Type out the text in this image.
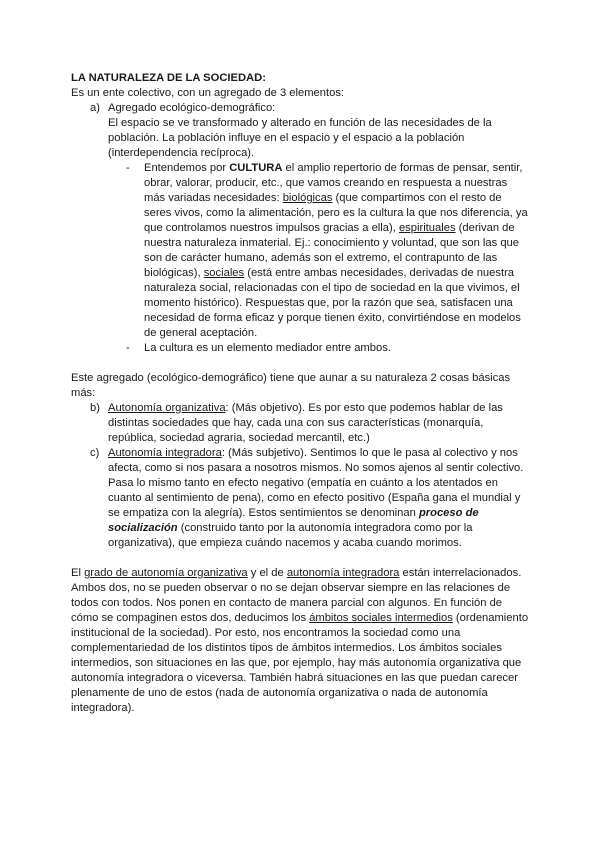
LA NATURALEZA DE LA SOCIEDAD:
Es un ente colectivo, con un agregado de 3 elementos:
a) Agregado ecológico-demográfico:
El espacio se ve transformado y alterado en función de las necesidades de la
población. La población influye en el espacio y el espacio a la población
(interdependencia recíproca).
- Entendemos por CULTURA el amplio repertorio de formas de pensar, sentir,
obrar, valorar, producir, etc., que vamos creando en respuesta a nuestras
más variadas necesidades: biológicas (que compartimos con el resto de
seres vivos, como la alimentación, pero es la cultura la que nos diferencia, ya
que controlamos nuestros impulsos gracias a ella), espirituales (derivan de
nuestra naturaleza inmaterial. Ej.: conocimiento y voluntad, que son las que
son de carácter humano, además son el extremo, el contrapunto de las
biológicas), sociales (está entre ambas necesidades, derivadas de nuestra
naturaleza social, relacionadas con el tipo de sociedad en la que vivimos, el
momento histórico). Respuestas que, por la razón que sea, satisfacen una
necesidad de forma eficaz y porque tienen éxito, convirtiéndose en modelos
de general aceptación.
- La cultura es un elemento mediador entre ambos.
Este agregado (ecológico-demográfico) tiene que aunar a su naturaleza 2 cosas básicas
más:
b) Autonomía organizativa: (Más objetivo). Es por esto que podemos hablar de las
distintas sociedades que hay, cada una con sus características (monarquía,
república, sociedad agraria, sociedad mercantil, etc.)
c) Autonomía integradora: (Más subjetivo). Sentimos lo que le pasa al colectivo y nos
afecta, como si nos pasara a nosotros mismos. No somos ajenos al sentir colectivo.
Pasa lo mismo tanto en efecto negativo (empatía en cuánto a los atentados en
cuanto al sentimiento de pena), como en efecto positivo (España gana el mundial y
se empatiza con la alegría). Estos sentimientos se denominan proceso de
socialización (construido tanto por la autonomía integradora como por la
organizativa), que empieza cuándo nacemos y acaba cuando morimos.
El grado de autonomía organizativa y el de autonomía integradora están interrelacionados.
Ambos dos, no se pueden observar o no se dejan observar siempre en las relaciones de
todos con todos. Nos ponen en contacto de manera parcial con algunos. En función de
cómo se compaginen estos dos, deducimos los ámbitos sociales intermedios (ordenamiento
institucional de la sociedad). Por esto, nos encontramos la sociedad como una
complementariedad de los distintos tipos de ámbitos intermedios. Los ámbitos sociales
intermedios, son situaciones en las que, por ejemplo, hay más autonomía organizativa que
autonomía integradora o viceversa. También habrá situaciones en las que puedan carecer
plenamente de uno de estos (nada de autonomía organizativa o nada de autonomía
integradora).
